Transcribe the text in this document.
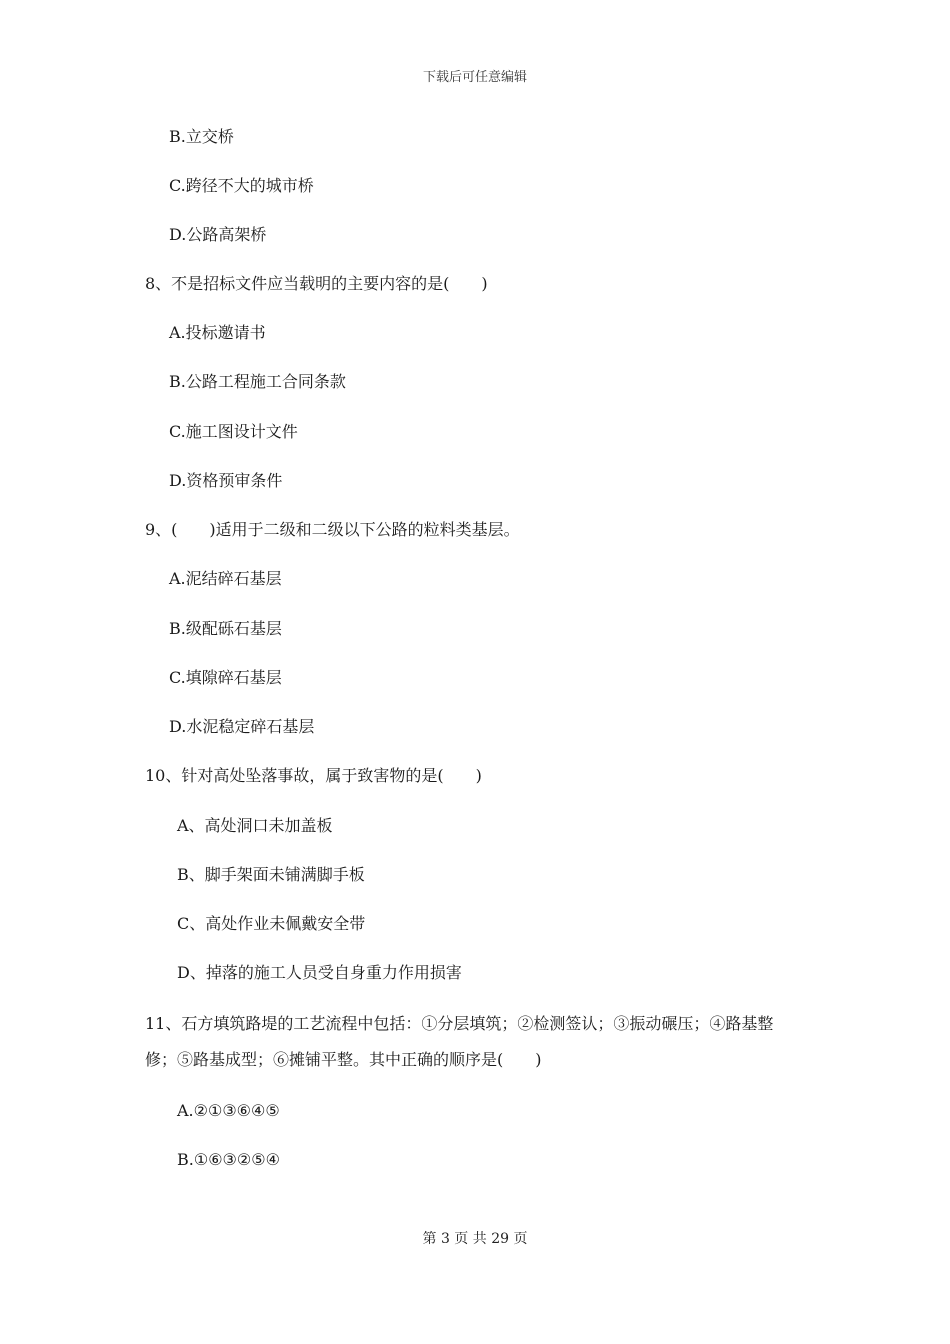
下载后可任意编辑
B.立交桥
C.跨径不大的城市桥
D.公路高架桥
8、不是招标文件应当载明的主要内容的是(　　)
A.投标邀请书
B.公路工程施工合同条款
C.施工图设计文件
D.资格预审条件
9、(　　)适用于二级和二级以下公路的粒料类基层。
A.泥结碎石基层
B.级配砾石基层
C.填隙碎石基层
D.水泥稳定碎石基层
10、针对高处坠落事故，属于致害物的是(　　)
A、高处洞口未加盖板
B、脚手架面未铺满脚手板
C、高处作业未佩戴安全带
D、掉落的施工人员受自身重力作用损害
11、石方填筑路堤的工艺流程中包括：①分层填筑；②检测签认；③振动碾压；④路基整
修；⑤路基成型；⑥摊铺平整。其中正确的顺序是(　　)
A.②①③⑥④⑤
B.①⑥③②⑤④
第 3 页 共 29 页
